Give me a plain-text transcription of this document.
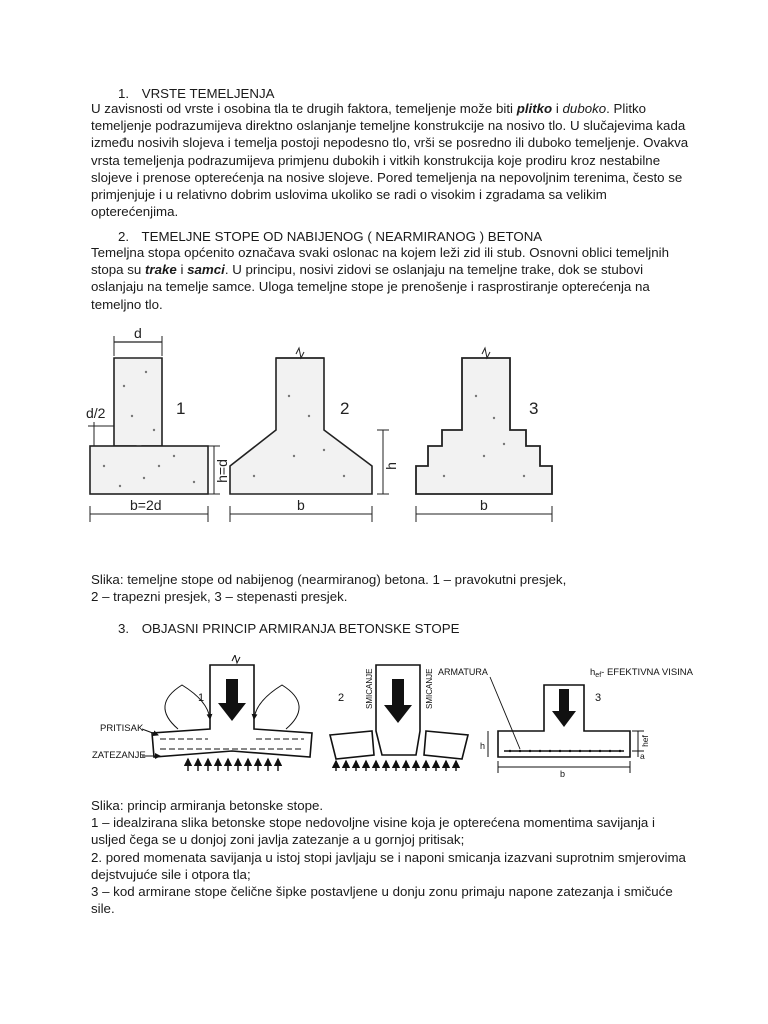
1. VRSTE TEMELJENJA
U zavisnosti od vrste i osobina tla te drugih faktora, temeljenje može biti plitko i duboko. Plitko temeljenje podrazumijeva direktno oslanjanje temeljne konstrukcije na nosivo tlo. U slučajevima kada između nosivih slojeva i temelja postoji nepodesno tlo, vrši se posredno ili duboko temeljenje. Ovakva vrsta temeljenja podrazumijeva primjenu dubokih i vitkih konstrukcija koje prodiru kroz nestabilne slojeve i prenose opterećenja na nosive slojeve. Pored temeljenja na nepovoljnim terenima, često se primjenjuje i u relativno dobrim uslovima ukoliko se radi o visokim i zgradama sa velikim opterećenjima.
2. TEMELJNE STOPE OD NABIJENOG ( NEARMIRANOG ) BETONA
Temeljna stopa općenito označava svaki oslonac na kojem leži zid ili stub. Osnovni oblici temeljnih stopa su trake i samci. U principu, nosivi zidovi se oslanjaju na temeljne trake, dok se stubovi oslanjaju na temelje samce. Uloga temeljne stope je prenošenje i rasprostiranje opterećenja na temeljno tlo.
d
d/2
h=d
b=2d
1
h
b
2
b
3
Slika: temeljne stope od nabijenog (nearmiranog) betona. 1 – pravokutni presjek,
2 – trapezni presjek, 3 – stepenasti presjek.
3. OBJASNI PRINCIP ARMIRANJA BETONSKE STOPE
PRITISAK
ZATEZANJE
1	SMICANJE	SMICANJE
2
ARMATURA	$h_{ef}-$ EFEKTIVNA VISINA
h	hef
a
b
3
Slika: princip armiranja betonske stope.
1 – idealzirana slika betonske stope nedovoljne visine koja je opterećena momentima savijanja i usljed čega se u donjoj zoni javlja zatezanje a u gornjoj pritisak;
2. pored momenata savijanja u istoj stopi javljaju se i naponi smicanja izazvani suprotnim smjerovima dejstvujuće sile i otpora tla;
3 – kod armirane stope čelične šipke postavljene u donju zonu primaju napone zatezanja i smičuće sile.
